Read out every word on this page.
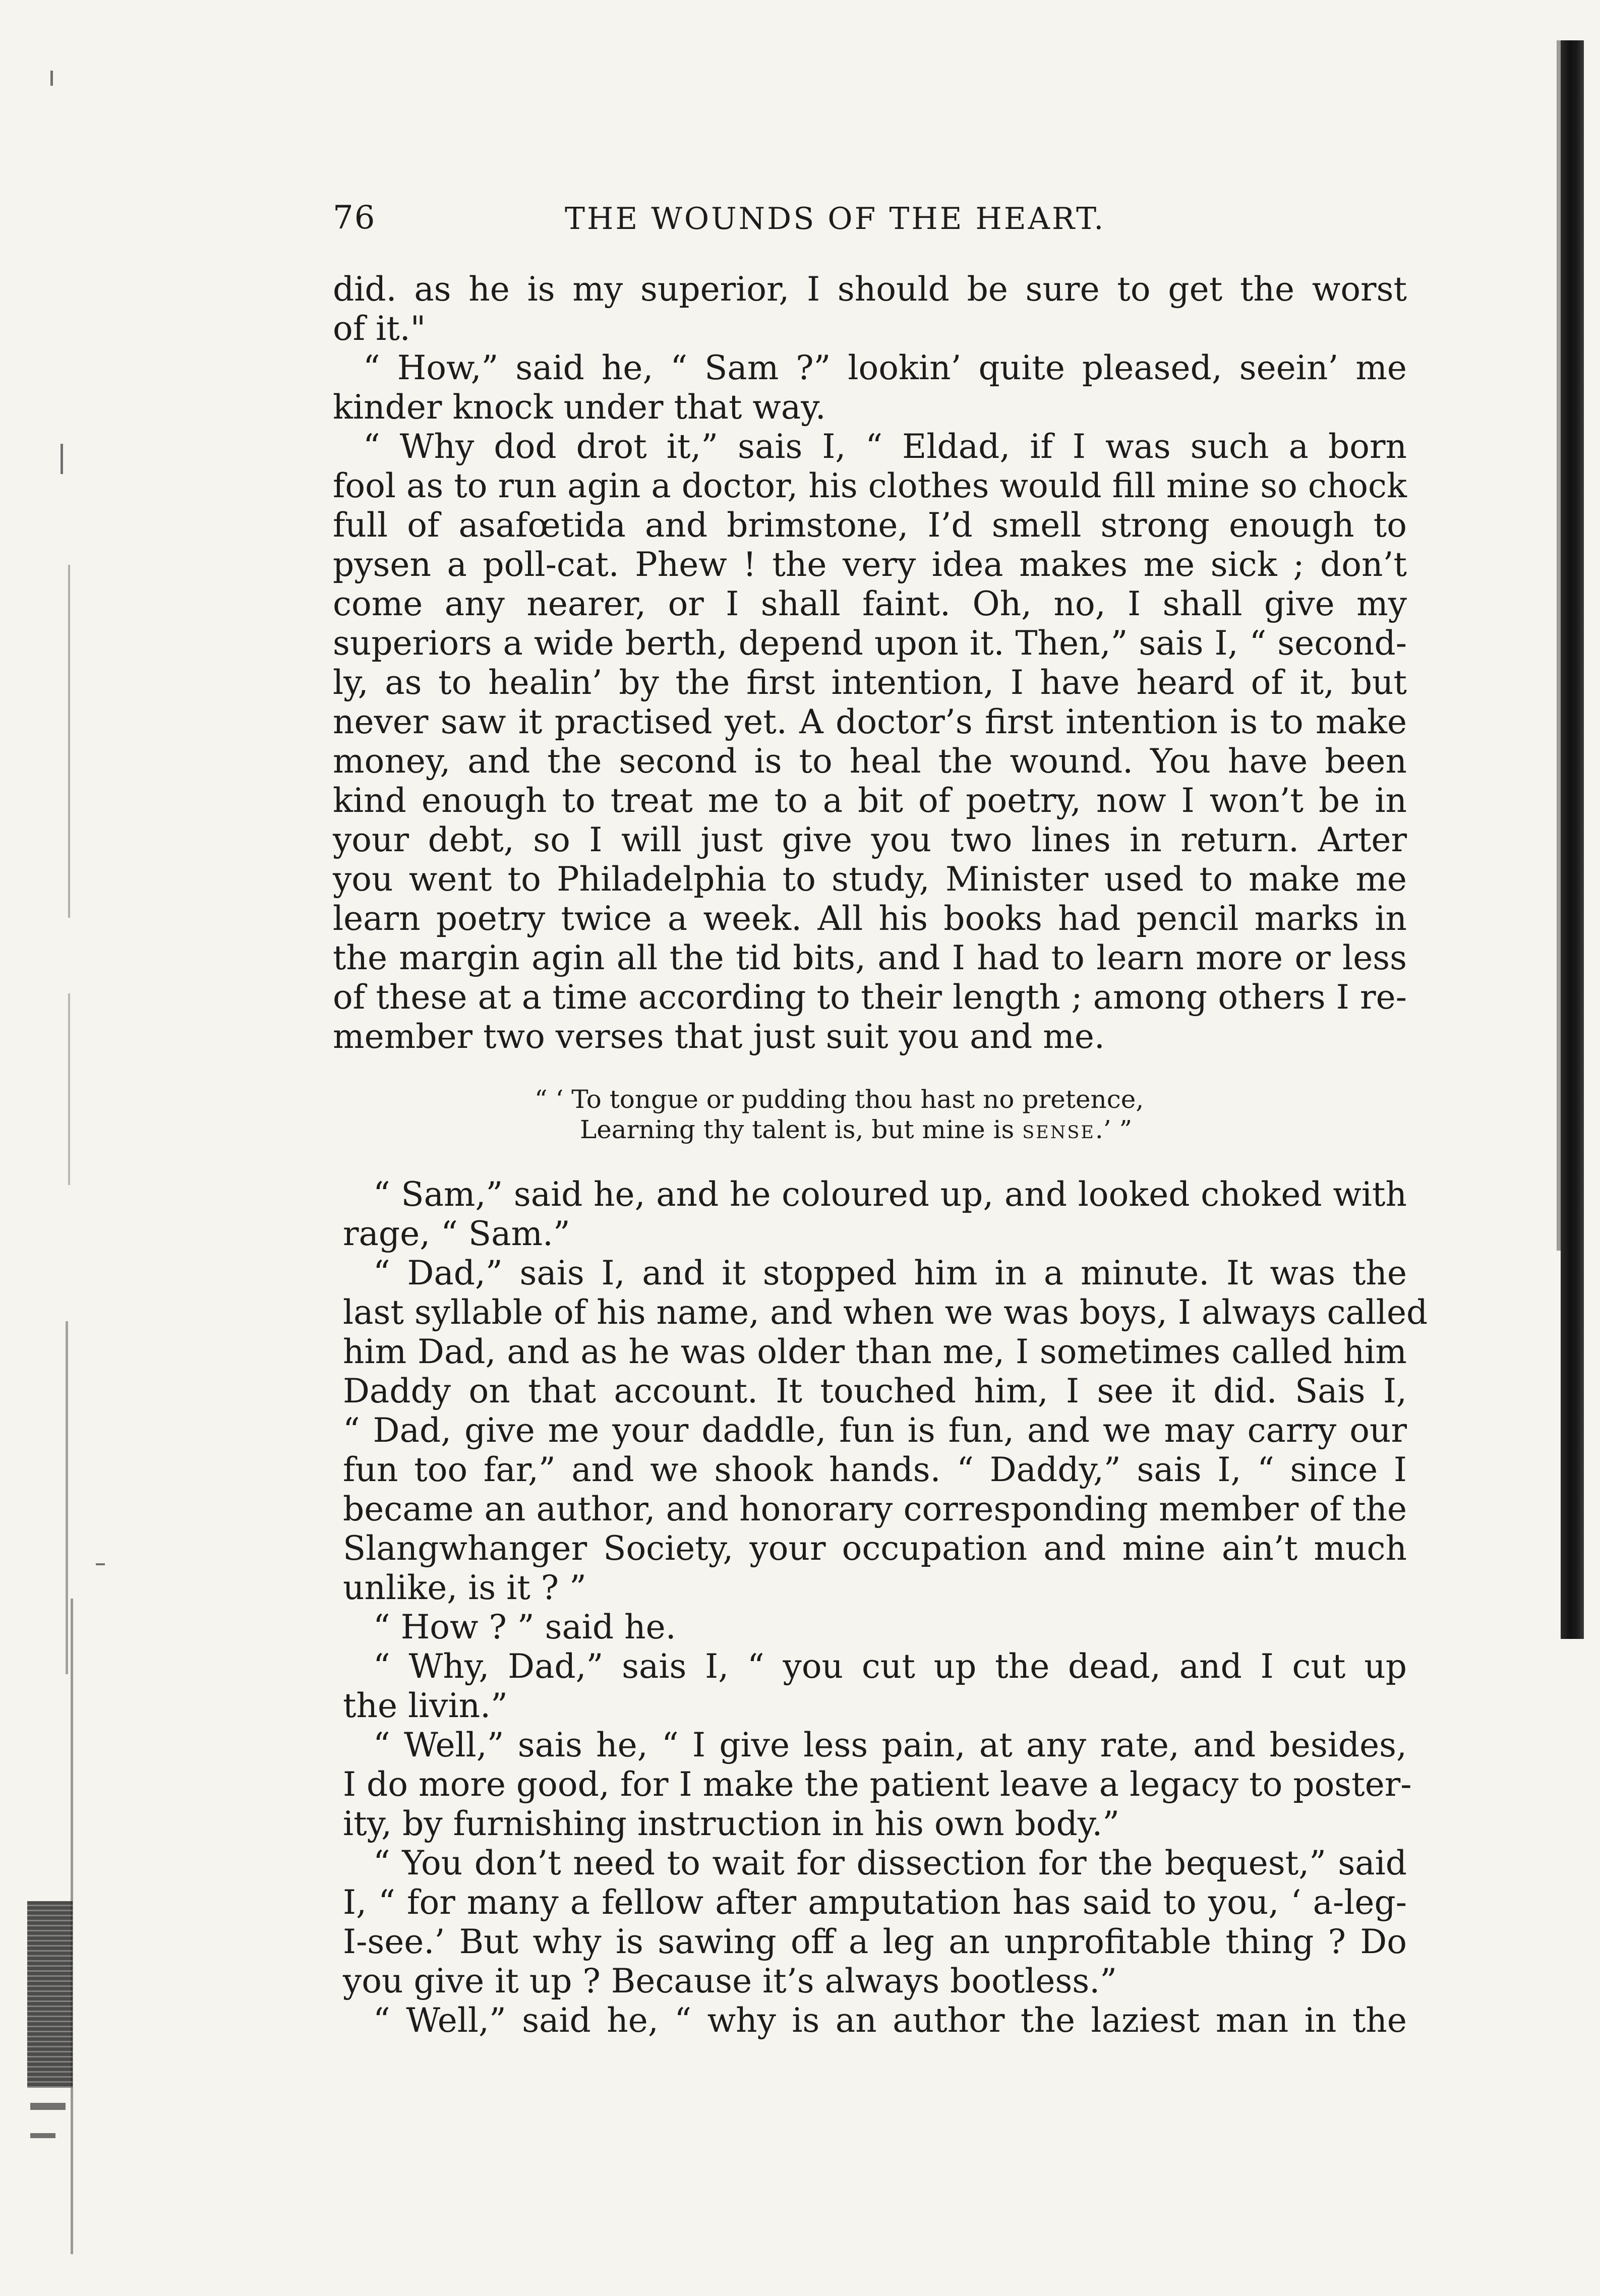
76	THE WOUNDS OF THE HEART.
did. as he is my superior, I should be sure to get the worst
of it."
“ How,” said he, “ Sam ?” lookin’ quite pleased, seein’ me
kinder knock under that way.
“ Why dod drot it,” sais I, “ Eldad, if I was such a born
fool as to run agin a doctor, his clothes would fill mine so chock
full of asafœtida and brimstone, I’d smell strong enough to
pysen a poll-cat. Phew ! the very idea makes me sick ; don’t
come any nearer, or I shall faint. Oh, no, I shall give my
superiors a wide berth, depend upon it. Then,” sais I, “ second-
ly, as to healin’ by the first intention, I have heard of it, but
never saw it practised yet. A doctor’s first intention is to make
money, and the second is to heal the wound. You have been
kind enough to treat me to a bit of poetry, now I won’t be in
your debt, so I will just give you two lines in return. Arter
you went to Philadelphia to study, Minister used to make me
learn poetry twice a week. All his books had pencil marks in
the margin agin all the tid bits, and I had to learn more or less
of these at a time according to their length ; among others I re-
member two verses that just suit you and me.
“ ‘ To tongue or pudding thou hast no pretence,
Learning thy talent is, but mine is sense.’ ”
“ Sam,” said he, and he coloured up, and looked choked with
rage, “ Sam.”
“ Dad,” sais I, and it stopped him in a minute. It was the
last syllable of his name, and when we was boys, I always called
him Dad, and as he was older than me, I sometimes called him
Daddy on that account. It touched him, I see it did. Sais I,
“ Dad, give me your daddle, fun is fun, and we may carry our
fun too far,” and we shook hands. “ Daddy,” sais I, “ since I
became an author, and honorary corresponding member of the
Slangwhanger Society, your occupation and mine ain’t much
unlike, is it ? ”
“ How ? ” said he.
“ Why, Dad,” sais I, “ you cut up the dead, and I cut up
the livin.”
“ Well,” sais he, “ I give less pain, at any rate, and besides,
I do more good, for I make the patient leave a legacy to poster-
ity, by furnishing instruction in his own body.”
“ You don’t need to wait for dissection for the bequest,” said
I, “ for many a fellow after amputation has said to you, ‘ a-leg-
I-see.’ But why is sawing off a leg an unprofitable thing ? Do
you give it up ? Because it’s always bootless.”
“ Well,” said he, “ why is an author the laziest man in the
